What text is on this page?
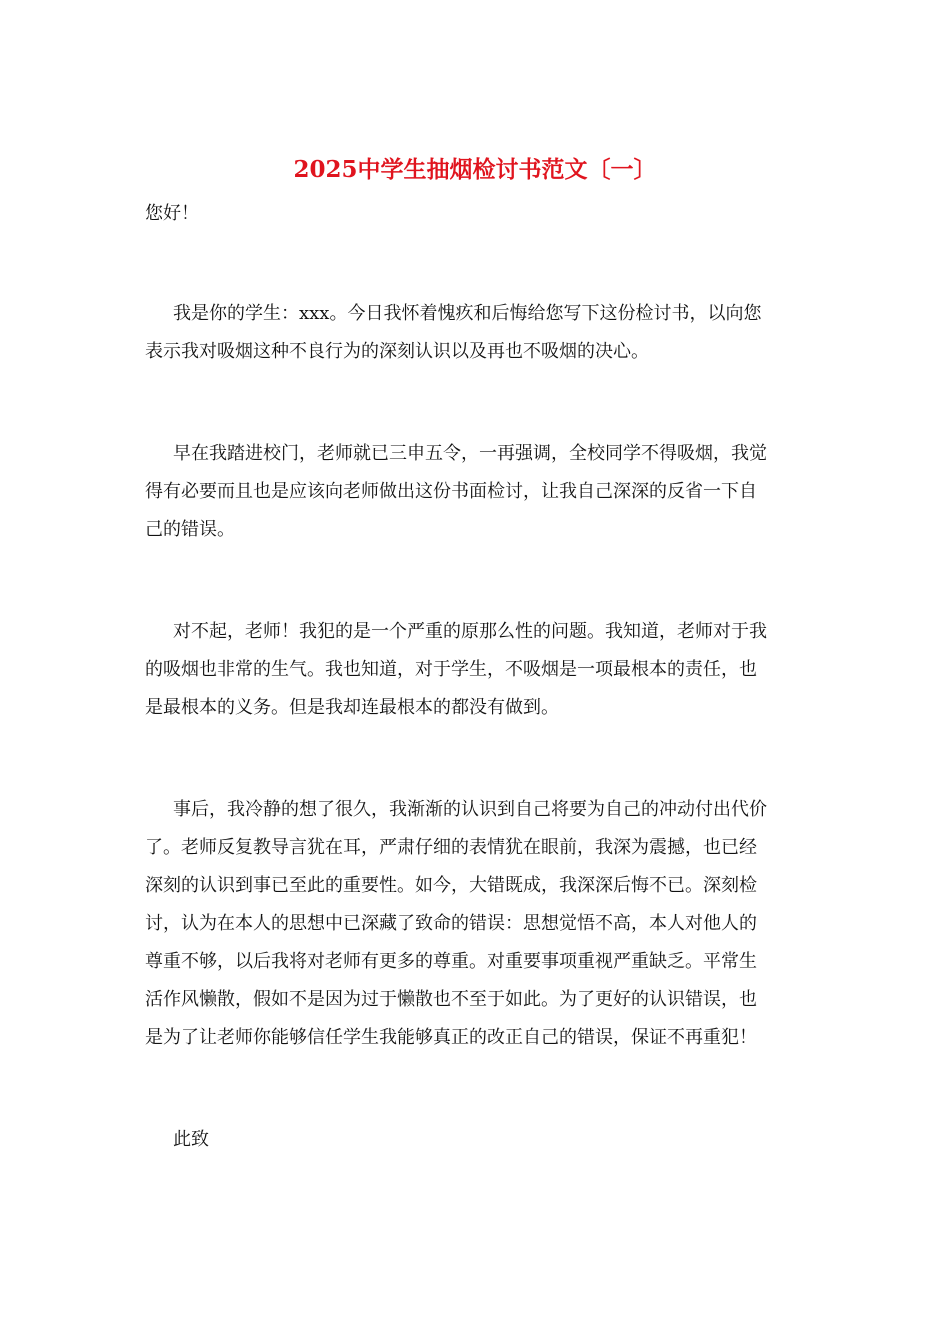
2025中学生抽烟检讨书范文〔一〕

您好！

我是你的学生：xxx。今日我怀着愧疚和后悔给您写下这份检讨书，以向您

表示我对吸烟这种不良行为的深刻认识以及再也不吸烟的决心。

早在我踏进校门，老师就已三申五令，一再强调，全校同学不得吸烟，我觉

得有必要而且也是应该向老师做出这份书面检讨，让我自己深深的反省一下自

己的错误。

对不起，老师！我犯的是一个严重的原那么性的问题。我知道，老师对于我

的吸烟也非常的生气。我也知道，对于学生，不吸烟是一项最根本的责任，也

是最根本的义务。但是我却连最根本的都没有做到。

事后，我冷静的想了很久，我渐渐的认识到自己将要为自己的冲动付出代价

了。老师反复教导言犹在耳，严肃仔细的表情犹在眼前，我深为震撼，也已经

深刻的认识到事已至此的重要性。如今，大错既成，我深深后悔不已。深刻检

讨，认为在本人的思想中已深藏了致命的错误：思想觉悟不高，本人对他人的

尊重不够，以后我将对老师有更多的尊重。对重要事项重视严重缺乏。平常生

活作风懒散，假如不是因为过于懒散也不至于如此。为了更好的认识错误，也

是为了让老师你能够信任学生我能够真正的改正自己的错误，保证不再重犯！

此致
